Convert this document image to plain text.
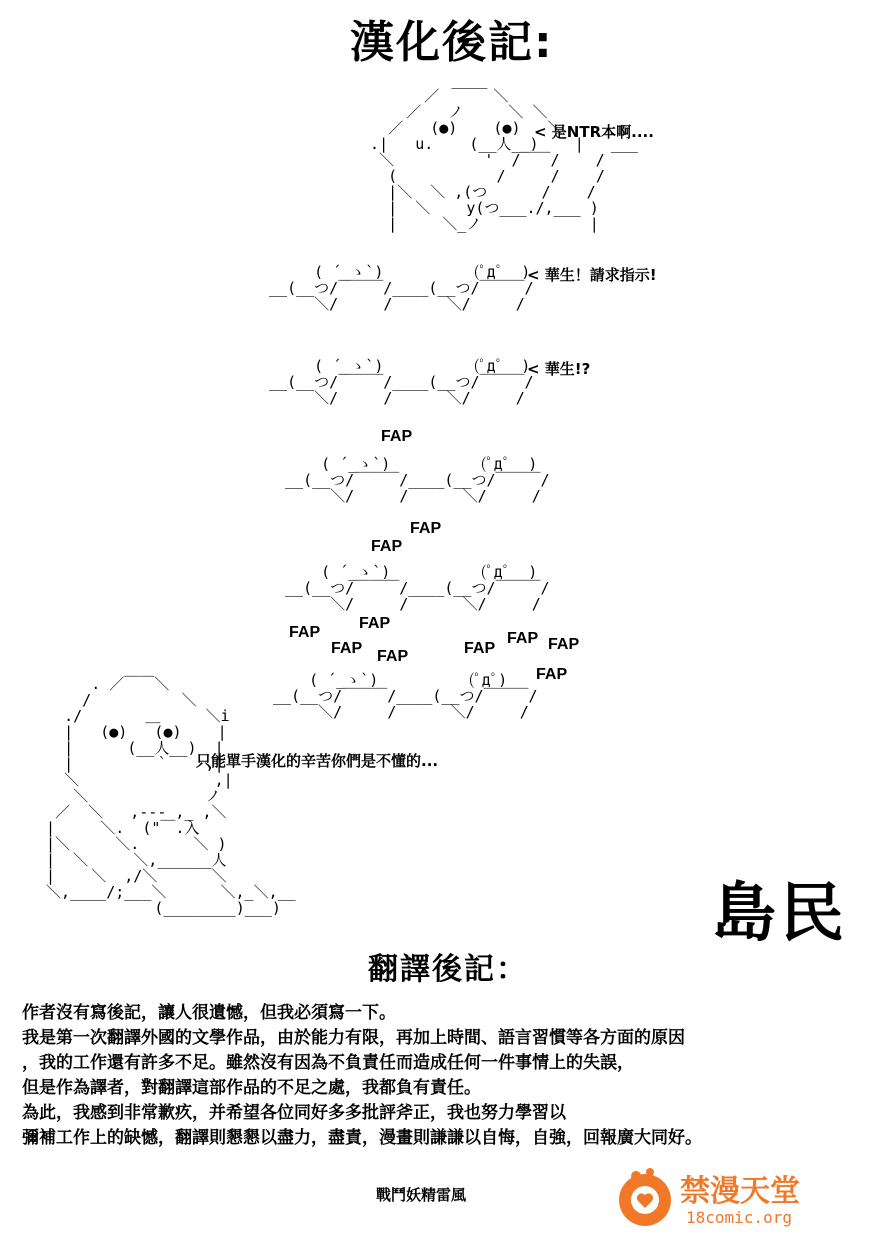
漢化後記:
____
／      ＼
／   ノ     ＼ ＼
／   (●)    (●)   ＼
.|   u.    (__人__)    |   ___
＼          '  /￣￣/    /
(           /     /    /
|＼  ＼ ,(つ      /    /
|  ＼    y(つ___./,___ )
|     ＼_ノ            |
< 是NTR本啊....
( ´_ゝ`)          (ﾟдﾟ  )
__(__つ/￣￣￣/____(__つ/￣￣￣/
＼/     /      ＼/     /
< 華生！請求指示!
( ´_ゝ`)          (ﾟдﾟ  )
__(__つ/￣￣￣/____(__つ/￣￣￣/
＼/     /      ＼/     /
< 華生!?
FAP
( ´_ゝ`)          (ﾟдﾟ  )
__(__つ/￣￣￣/____(__つ/￣￣￣/
＼/     /      ＼/     /
FAP
FAP
( ´_ゝ`)          (ﾟдﾟ  )
__(__つ/￣￣￣/____(__つ/￣￣￣/
＼/     /      ＼/     /
FAP
FAP
FAP FAP	FAP
FAP FAP
FAP
( ´_ゝ`)          (ﾟдﾟ)
__(__つ/￣￣￣/____(__つ/￣￣￣/
＼/     /      ＼/     /
. ／￣￣＼
/          ＼
./       ＿     ＼i
|   (●)   (●)    |
|      (__人__)  |
|         ｀    ,|
＼               ,|
＼             ノ
／  ＼   ,--- ,_ ,＼
|     ＼.  ("￣.入
|＼     ＼.      ＼ )
|  ＼     ＼,______人
|    ＼  ,/＼      ＼
＼,____/;___＼      ＼,_＼,__
(________)___)
只能單手漢化的辛苦你們是不懂的...
島民
翻譯後記：
作者沒有寫後記，讓人很遺憾，但我必須寫一下。
我是第一次翻譯外國的文學作品，由於能力有限，再加上時間、語言習慣等各方面的原因
，我的工作還有許多不足。雖然沒有因為不負責任而造成任何一件事情上的失誤，
但是作為譯者，對翻譯這部作品的不足之處，我都負有責任。
為此，我感到非常歉疚，并希望各位同好多多批評斧正，我也努力學習以
彌補工作上的缺憾，翻譯則懇懇以盡力，盡責，漫畫則謙謙以自悔，自強，回報廣大同好。
戰鬥妖精雷風	禁漫天堂
18comic.org
